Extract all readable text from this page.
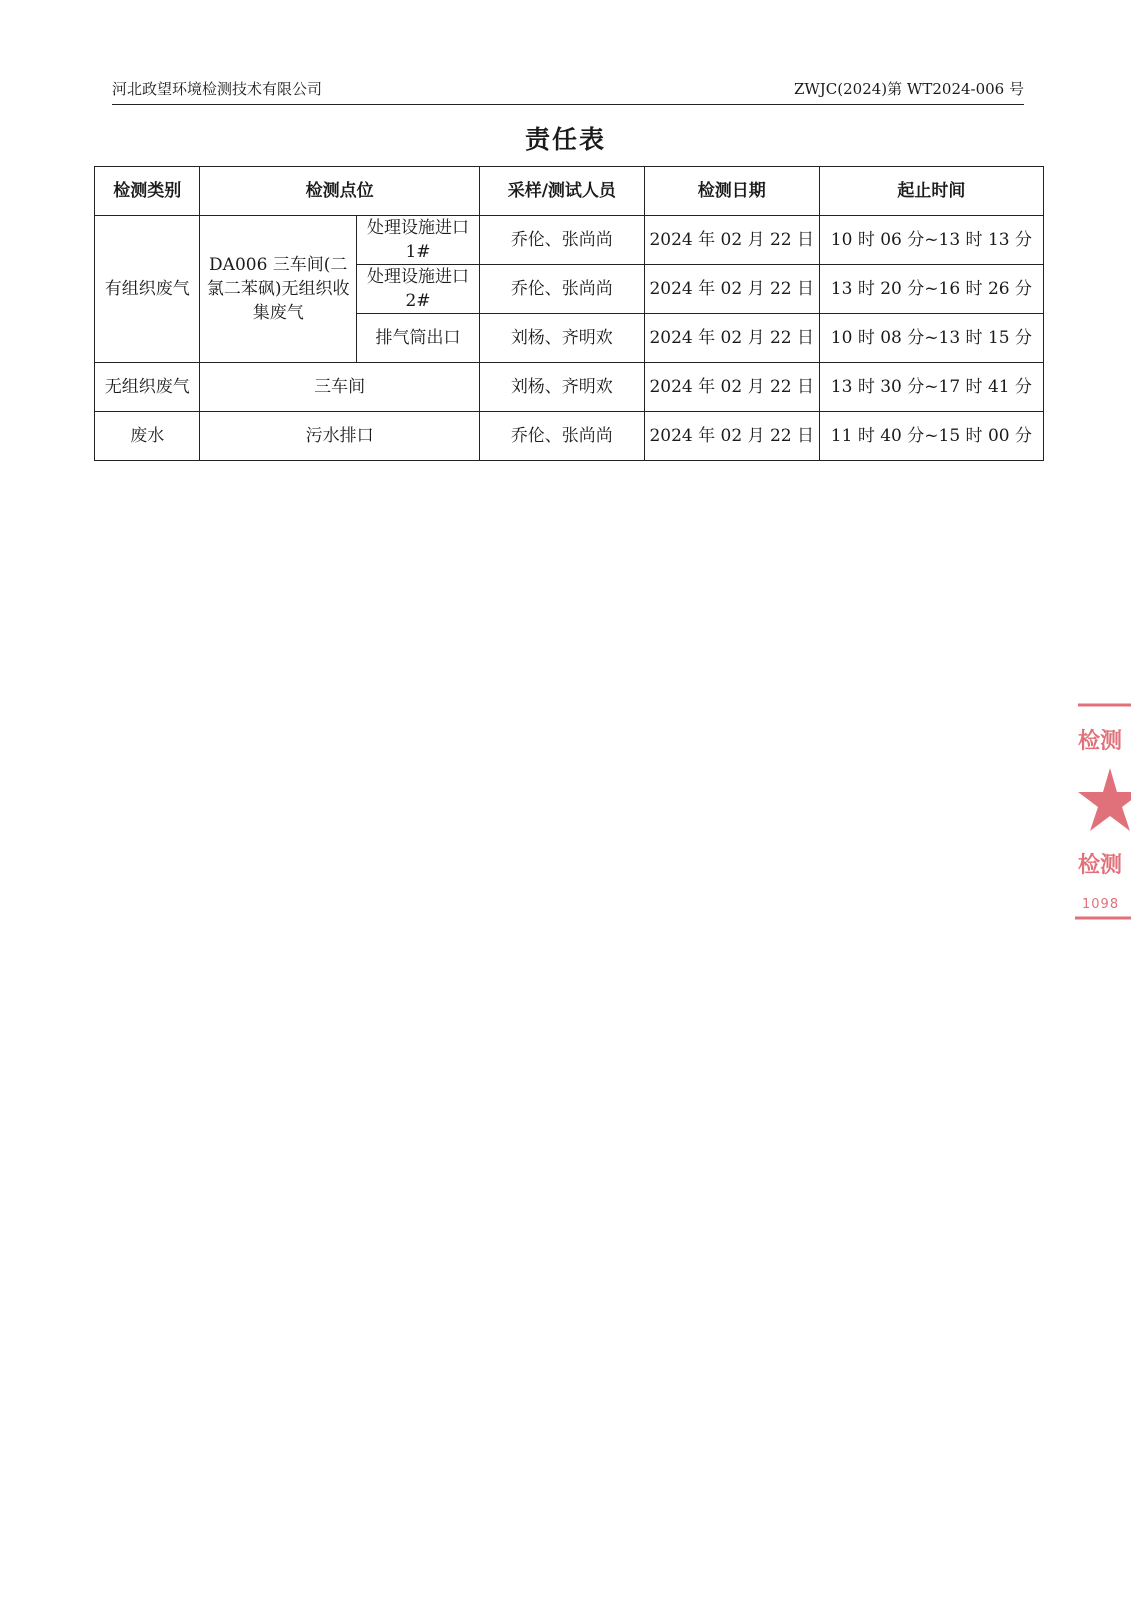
河北政望环境检测技术有限公司	ZWJC(2024)第 WT2024-006 号
责任表
检测类别	检测点位		采样/测试人员	检测日期	起止时间
有组织废气	DA006 三车间(二氯二苯砜)无组织收集废气	处理设施进口1#	乔伦、张尚尚	2024 年 02 月 22 日	10 时 06 分~13 时 13 分
		处理设施进口2#	乔伦、张尚尚	2024 年 02 月 22 日	13 时 20 分~16 时 26 分
		排气筒出口	刘杨、齐明欢	2024 年 02 月 22 日	10 时 08 分~13 时 15 分
无组织废气	三车间		刘杨、齐明欢	2024 年 02 月 22 日	13 时 30 分~17 时 41 分
废水	污水排口		乔伦、张尚尚	2024 年 02 月 22 日	11 时 40 分~15 时 00 分
检测
检测
1098
